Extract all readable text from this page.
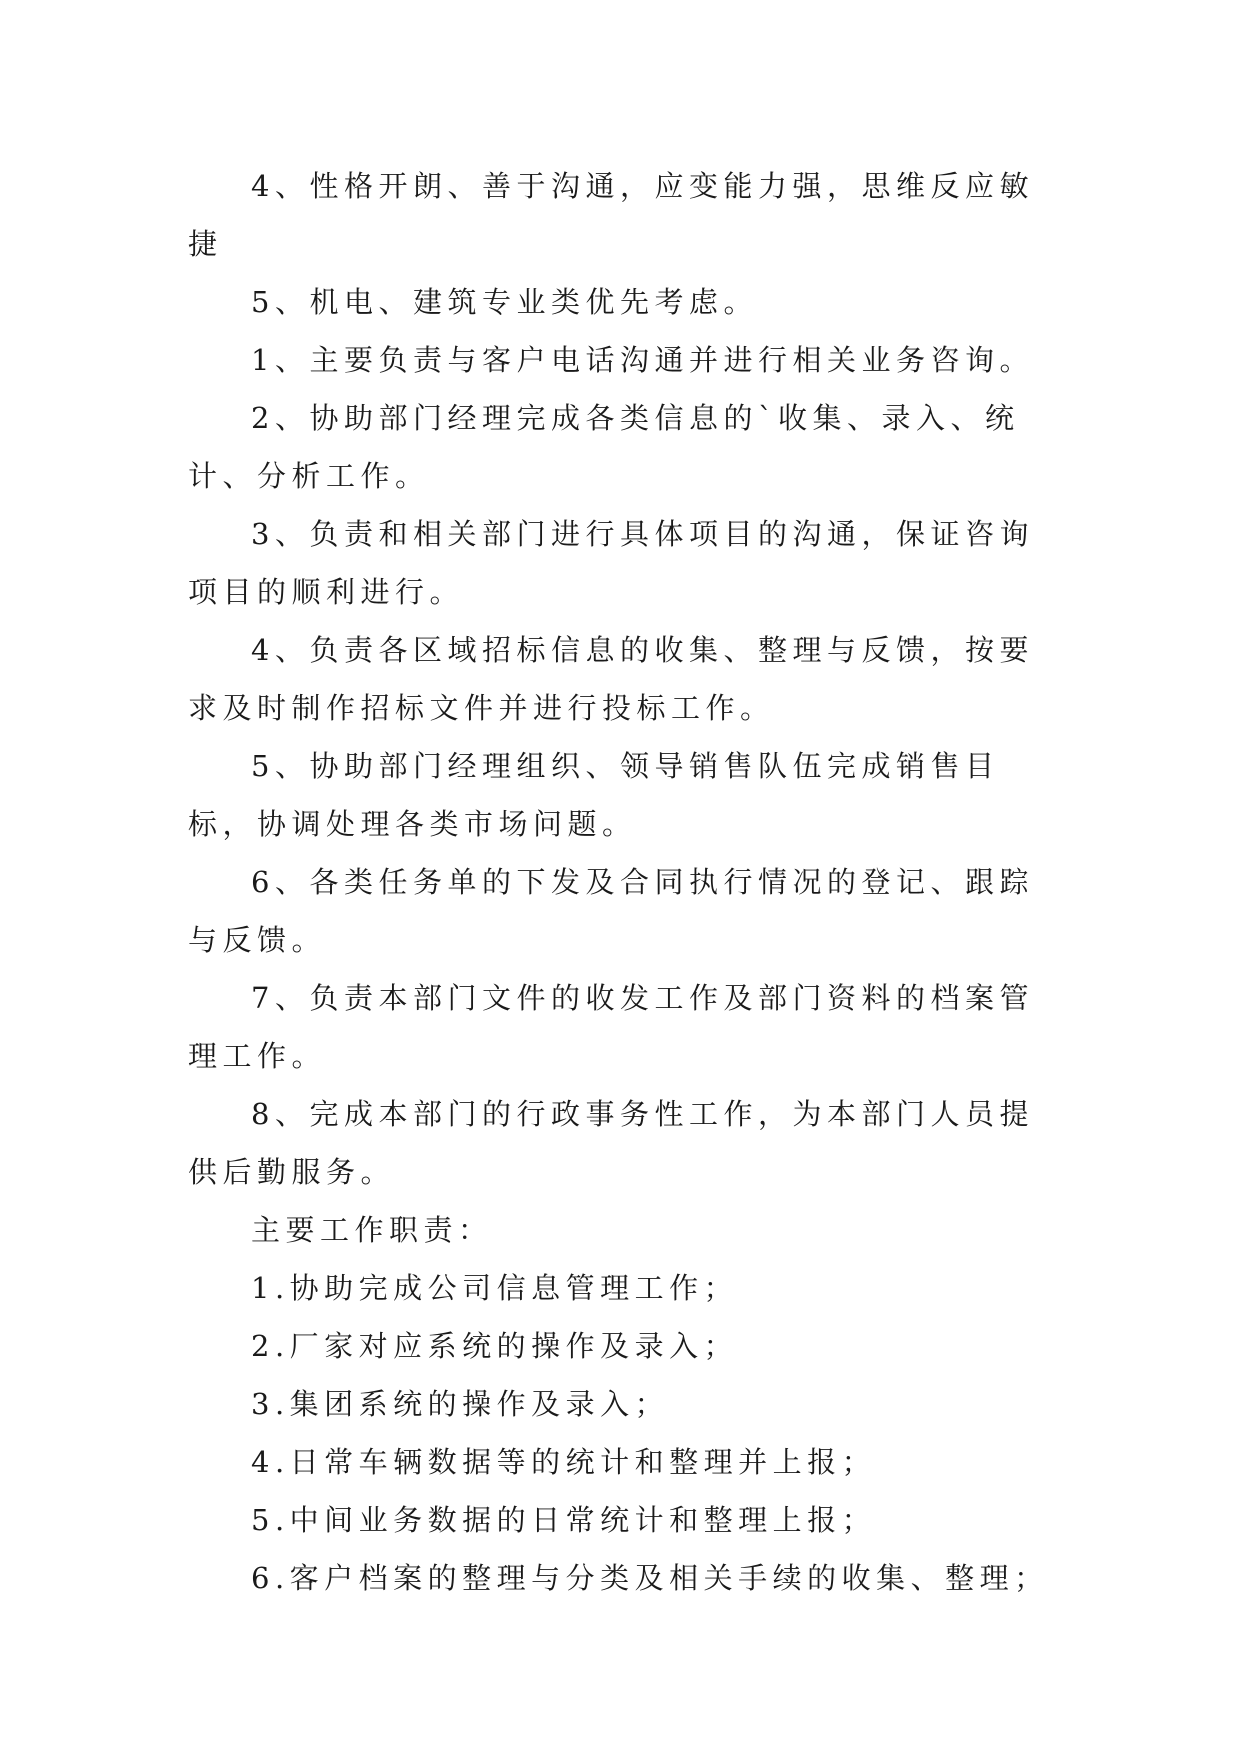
4、性格开朗、善于沟通，应变能力强，思维反应敏捷

5、机电、建筑专业类优先考虑。

1、主要负责与客户电话沟通并进行相关业务咨询。

2、协助部门经理完成各类信息的`收集、录入、统计、分析工作。

3、负责和相关部门进行具体项目的沟通，保证咨询项目的顺利进行。

4、负责各区域招标信息的收集、整理与反馈，按要求及时制作招标文件并进行投标工作。

5、协助部门经理组织、领导销售队伍完成销售目标，协调处理各类市场问题。

6、各类任务单的下发及合同执行情况的登记、跟踪与反馈。

7、负责本部门文件的收发工作及部门资料的档案管理工作。

8、完成本部门的行政事务性工作，为本部门人员提供后勤服务。

主要工作职责：

1.协助完成公司信息管理工作；

2.厂家对应系统的操作及录入；

3.集团系统的操作及录入；

4.日常车辆数据等的统计和整理并上报；

5.中间业务数据的日常统计和整理上报；

6.客户档案的整理与分类及相关手续的收集、整理；
